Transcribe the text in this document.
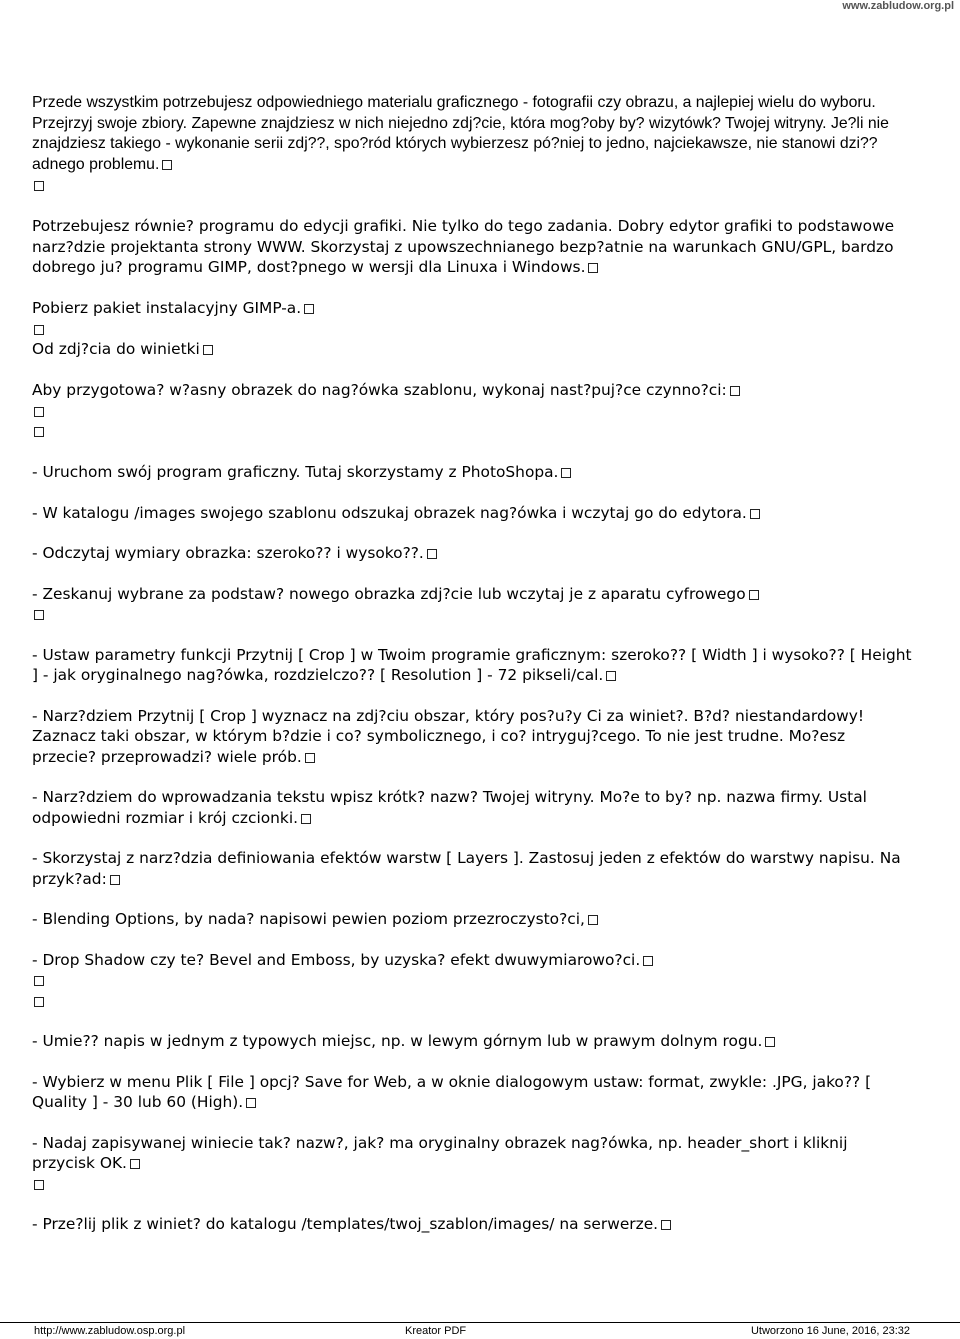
www.zabludow.org.pl
Przede wszystkim potrzebujesz odpowiedniego materialu graficznego - fotografii czy obrazu, a najlepiej wielu do wyboru. Przejrzyj swoje zbiory. Zapewne znajdziesz w nich niejedno zdj?cie, która mog?oby by? wizytówk? Twojej witryny. Je?li nie znajdziesz takiego - wykonanie serii zdj??, spo?ród których wybierzesz pó?niej to jedno, najciekawsze, nie stanowi dzi??adnego problemu.
Potrzebujesz równie? programu do edycji grafiki. Nie tylko do tego zadania. Dobry edytor grafiki to podstawowe narz?dzie projektanta strony WWW. Skorzystaj z upowszechnianego bezp?atnie na warunkach GNU/GPL, bardzo dobrego ju? programu GIMP, dost?pnego w wersji dla Linuxa i Windows.
Pobierz pakiet instalacyjny GIMP-a.
Od zdj?cia do winietki
Aby przygotowa? w?asny obrazek do nag?ówka szablonu, wykonaj nast?puj?ce czynno?ci:
- Uruchom swój program graficzny. Tutaj skorzystamy z PhotoShopa.
- W katalogu /images swojego szablonu odszukaj obrazek nag?ówka i wczytaj go do edytora.
- Odczytaj wymiary obrazka: szeroko?? i wysoko??.
- Zeskanuj wybrane za podstaw? nowego obrazka zdj?cie lub wczytaj je z aparatu cyfrowego
- Ustaw parametry funkcji Przytnij [ Crop ] w Twoim programie graficznym: szeroko?? [ Width ] i wysoko?? [ Height ] - jak oryginalnego nag?ówka, rozdzielczo?? [ Resolution ] - 72 pikseli/cal.
- Narz?dziem Przytnij [ Crop ] wyznacz na zdj?ciu obszar, który pos?u?y Ci za winiet?. B?d? niestandardowy! Zaznacz taki obszar, w którym b?dzie i co? symbolicznego, i co? intryguj?cego. To nie jest trudne. Mo?esz przecie? przeprowadzi? wiele prób.
- Narz?dziem do wprowadzania tekstu wpisz krótk? nazw? Twojej witryny. Mo?e to by? np. nazwa firmy. Ustal odpowiedni rozmiar i krój czcionki.
- Skorzystaj z narz?dzia definiowania efektów warstw [ Layers ]. Zastosuj jeden z efektów do warstwy napisu. Na przyk?ad:
- Blending Options, by nada? napisowi pewien poziom przezroczysto?ci,
- Drop Shadow czy te? Bevel and Emboss, by uzyska? efekt dwuwymiarowo?ci.
- Umie?? napis w jednym z typowych miejsc, np. w lewym górnym lub w prawym dolnym rogu.
- Wybierz w menu Plik [ File ] opcj? Save for Web, a w oknie dialogowym ustaw: format, zwykle: .JPG, jako?? [ Quality ] - 30 lub 60 (High).
- Nadaj zapisywanej winiecie tak? nazw?, jak? ma oryginalny obrazek nag?ówka, np. header_short i kliknij przycisk OK.
- Prze?lij plik z winiet? do katalogu /templates/twoj_szablon/images/ na serwerze.
http://www.zabludow.osp.org.pl	Kreator PDF	Utworzono 16 June, 2016, 23:32
